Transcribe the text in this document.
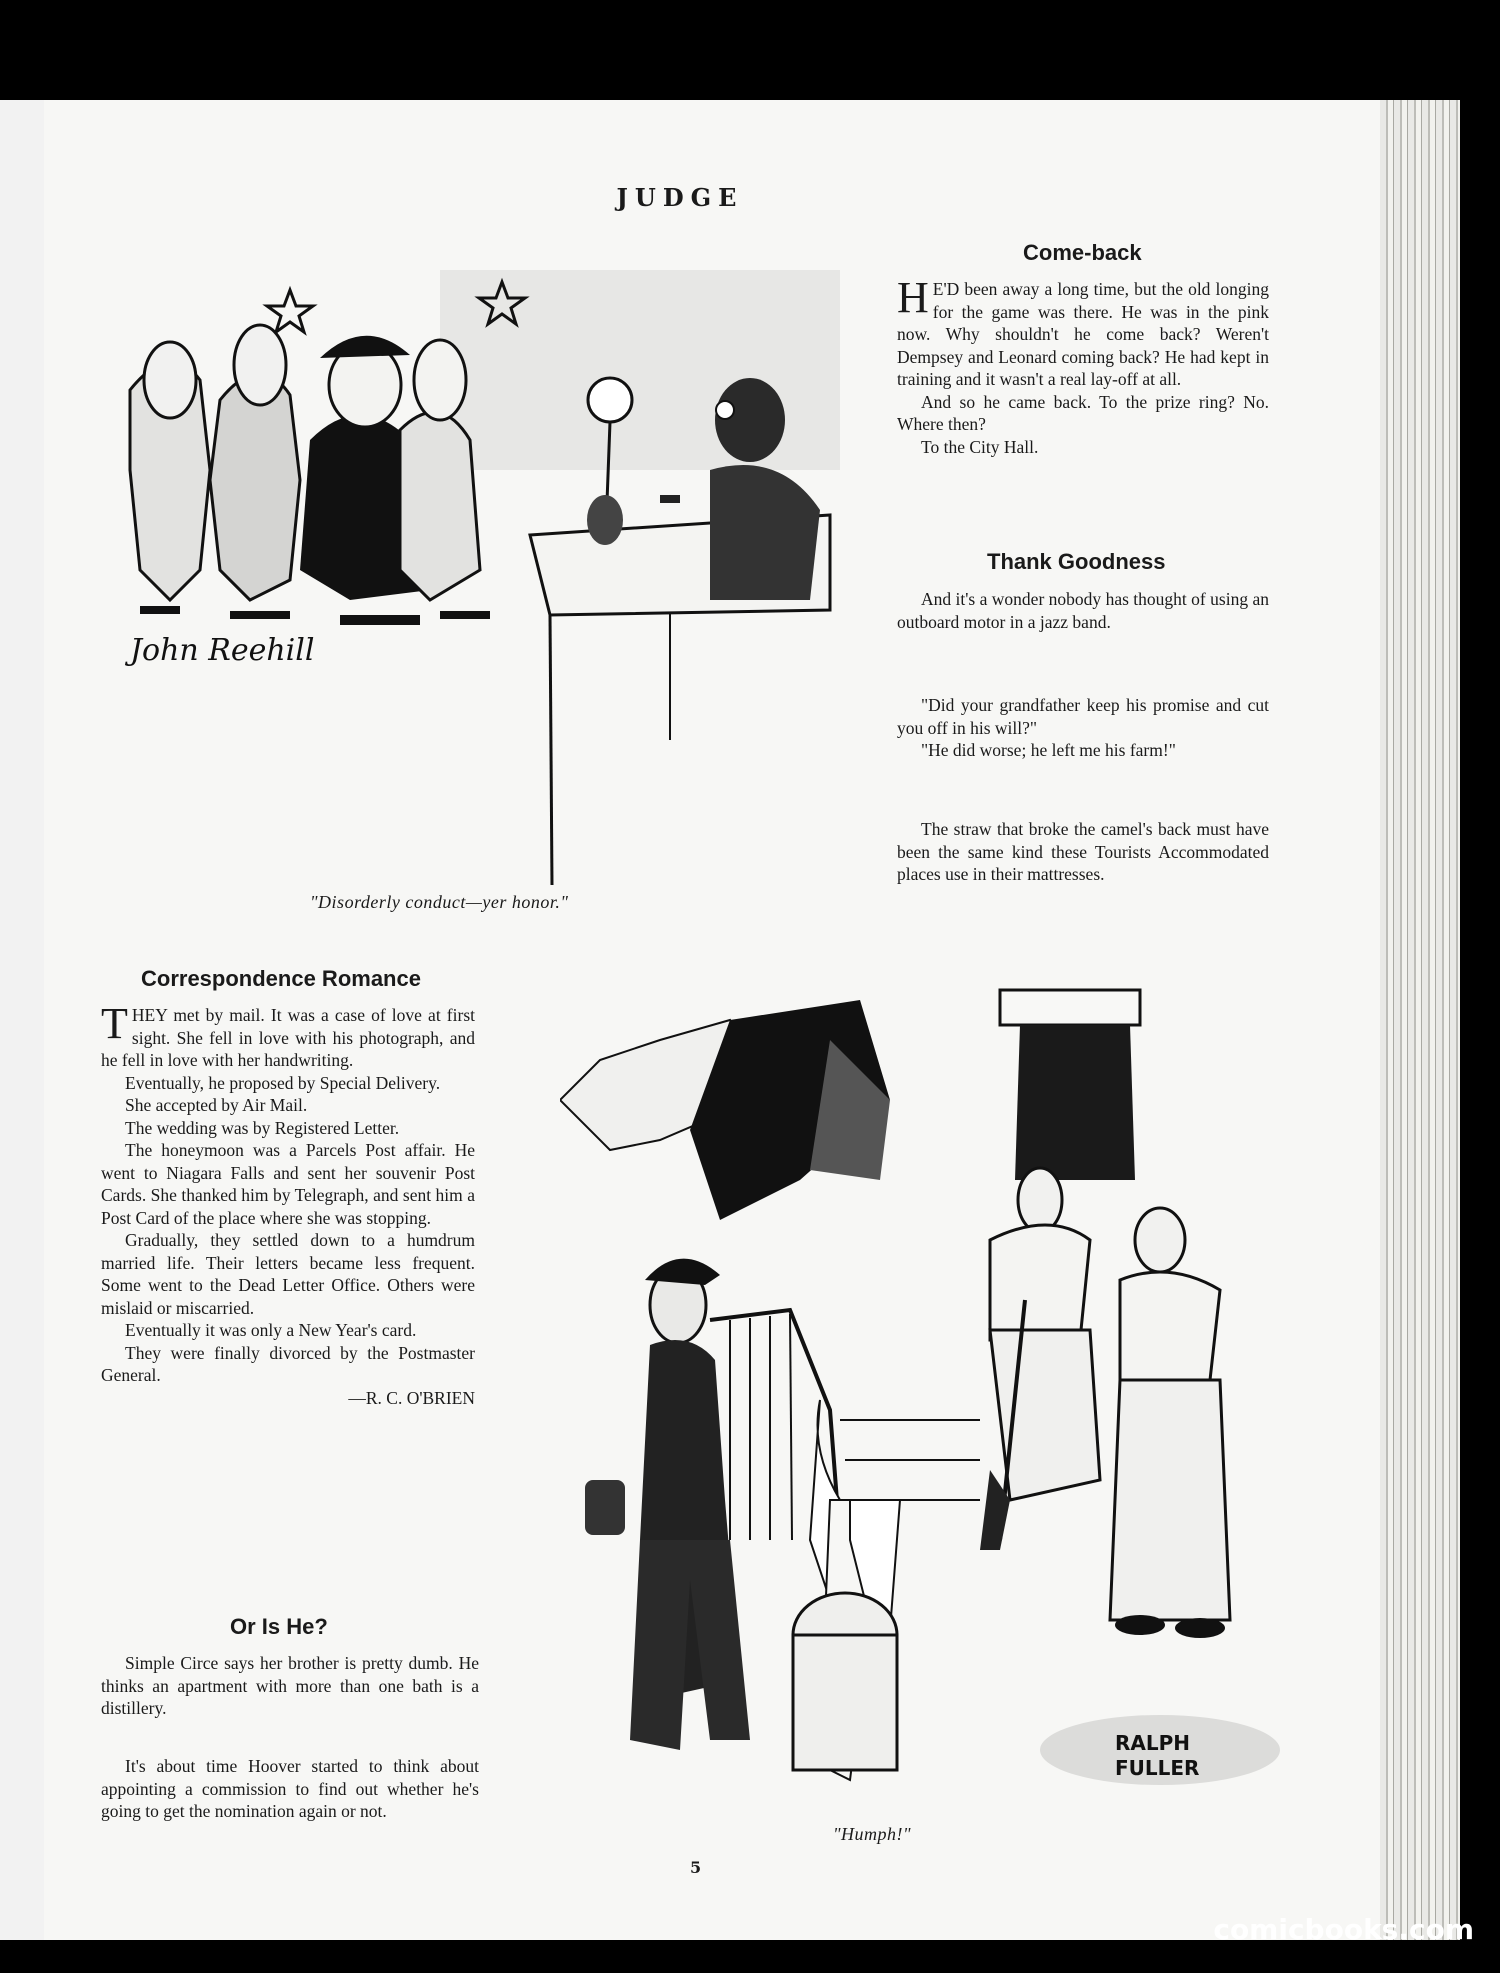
JUDGE
John Reehill
"Disorderly conduct—yer honor."
Come-back

H E'D been away a long time, but the old longing for the game was there. He was in the pink now. Why shouldn't he come back? Weren't Dempsey and Leonard coming back? He had kept in training and it wasn't a real lay-off at all.

And so he came back. To the prize ring? No. Where then?

To the City Hall.

Thank Goodness

And it's a wonder nobody has thought of using an outboard motor in a jazz band.

"Did your grandfather keep his promise and cut you off in his will?"

"He did worse; he left me his farm!"

The straw that broke the camel's back must have been the same kind these Tourists Accommodated places use in their mattresses.

Correspondence Romance

THEY met by mail. It was a case of love at first sight. She fell in love with his photograph, and he fell in love with her handwriting.

Eventually, he proposed by Special Delivery.

She accepted by Air Mail.

The wedding was by Registered Letter.

The honeymoon was a Parcels Post affair. He went to Niagara Falls and sent her souvenir Post Cards. She thanked him by Telegraph, and sent him a Post Card of the place where she was stopping.

Gradually, they settled down to a humdrum married life. Their letters became less frequent. Some went to the Dead Letter Office. Others were mislaid or miscarried.

Eventually it was only a New Year's card.

They were finally divorced by the Postmaster General.

—R. C. O'BRIEN

Or Is He?

Simple Circe says her brother is pretty dumb. He thinks an apartment with more than one bath is a distillery.

It's about time Hoover started to think about appointing a commission to find out whether he's going to get the nomination again or not.

RALPH
FULLER
"Humph!"
5
comicbooks.com
